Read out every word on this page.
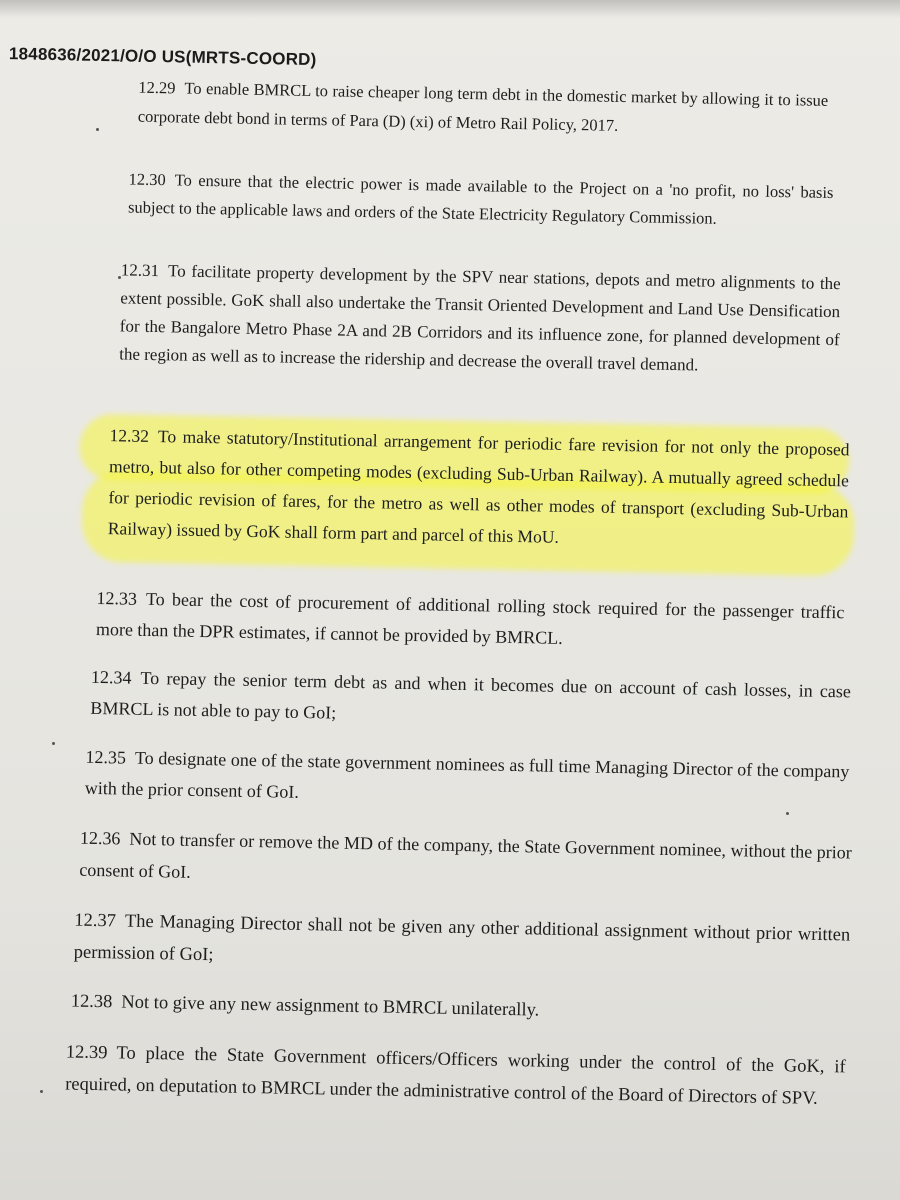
1848636/2021/O/O US(MRTS-COORD)
12.29 To enable BMRCL to raise cheaper long term debt in the domestic market by allowing it to issue corporate debt bond in terms of Para (D) (xi) of Metro Rail Policy, 2017.
12.30 To ensure that the electric power is made available to the Project on a 'no profit, no loss' basis subject to the applicable laws and orders of the State Electricity Regulatory Commission.
12.31 To facilitate property development by the SPV near stations, depots and metro alignments to the extent possible. GoK shall also undertake the Transit Oriented Development and Land Use Densification for the Bangalore Metro Phase 2A and 2B Corridors and its influence zone, for planned development of the region as well as to increase the ridership and decrease the overall travel demand.
12.32 To make statutory/Institutional arrangement for periodic fare revision for not only the proposed metro, but also for other competing modes (excluding Sub-Urban Railway). A mutually agreed schedule for periodic revision of fares, for the metro as well as other modes of transport (excluding Sub-Urban Railway) issued by GoK shall form part and parcel of this MoU.
12.33 To bear the cost of procurement of additional rolling stock required for the passenger traffic more than the DPR estimates, if cannot be provided by BMRCL.
12.34 To repay the senior term debt as and when it becomes due on account of cash losses, in case BMRCL is not able to pay to GoI;
12.35 To designate one of the state government nominees as full time Managing Director of the company with the prior consent of GoI.
12.36 Not to transfer or remove the MD of the company, the State Government nominee, without the prior consent of GoI.
12.37 The Managing Director shall not be given any other additional assignment without prior written permission of GoI;
12.38 Not to give any new assignment to BMRCL unilaterally.
12.39 To place the State Government officers/Officers working under the control of the GoK, if required, on deputation to BMRCL under the administrative control of the Board of Directors of SPV.
